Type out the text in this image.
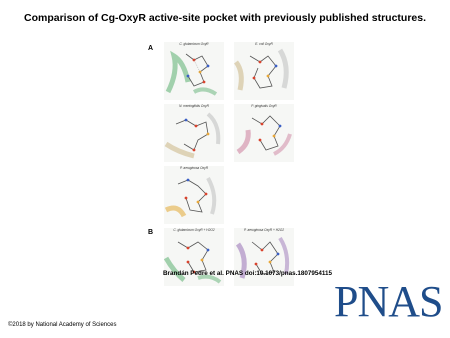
Comparison of Cg-OxyR active-site pocket with previously published structures.
A
C. glutamicum OxyR	E. coli OxyR
N. meningitidis OxyR	P. gingivalis OxyR
P. aeruginosa OxyR
B	C. glutamicum OxyR + H2O2	P. aeruginosa OxyR + H2O2
Brandán Pedre et al. PNAS doi:10.1073/pnas.1807954115
©2018 by National Academy of Sciences	PNAS
